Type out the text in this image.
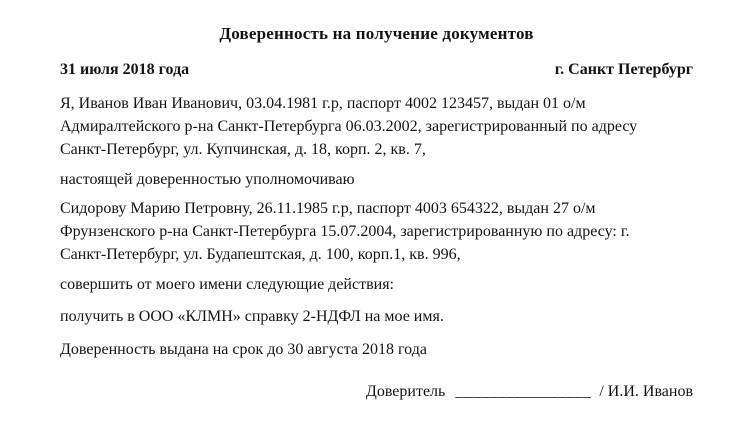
Доверенность на получение документов
31 июля 2018 года	г. Санкт Петербург
Я, Иванов Иван Иванович, 03.04.1981 г.р, паспорт 4002 123457, выдан 01 о/м
Адмиралтейского р-на Санкт-Петербурга 06.03.2002, зарегистрированный по адресу
Санкт-Петербург, ул. Купчинская, д. 18, корп. 2, кв. 7,
настоящей доверенностью уполномочиваю
Сидорову Марию Петровну, 26.11.1985 г.р, паспорт 4003 654322, выдан 27 о/м
Фрунзенского р-на Санкт-Петербурга 15.07.2004, зарегистрированную по адресу: г.
Санкт-Петербург, ул. Будапештская, д. 100, корп.1, кв. 996,
совершить от моего имени следующие действия:
получить в ООО «КЛМН» справку 2-НДФЛ на мое имя.
Доверенность выдана на срок до 30 августа 2018 года
Доверитель ________________ / И.И. Иванов
